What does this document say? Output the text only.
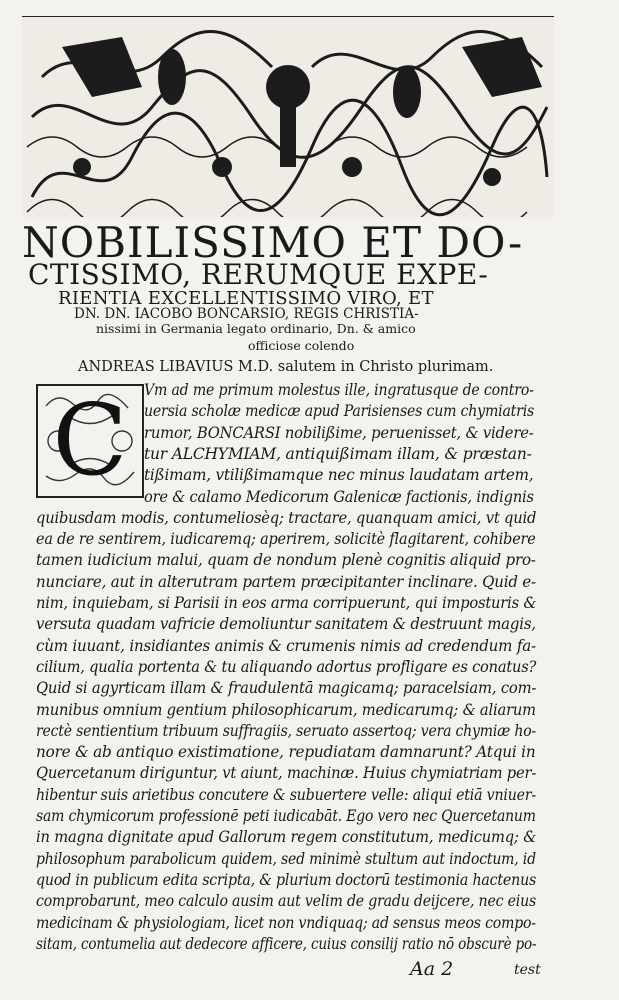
NOBILISSIMO ET DO-
CTISSIMO, RERUMQUE EXPE-
RIENTIA EXCELLENTISSIMO VIRO, ET
DN. DN. IACOBO BONCARSIO, REGIS CHRISTIA-
nissimi in Germania legato ordinario, Dn. & amico
officiose colendo
ANDREAS LIBAVIUS M.D. salutem in Christo plurimam.
C
Aa 2	test
Vm ad me primum molestus ille, ingratusque de contro-
uersia scholæ medicæ apud Parisienses cum chymiatris
rumor, BONCARSI nobilißime, peruenisset, & videre-
tur ALCHYMIAM, antiquißimam illam, & præstan-
tißimam, vtilißimamque nec minus laudatam artem,
ore & calamo Medicorum Galenicæ factionis, indignis
quibusdam modis, contumeliosèq; tractare, quanquam amici, vt quid
ea de re sentirem, iudicaremq; aperirem, solicitè flagitarent, cohibere
tamen iudicium malui, quam de nondum plenè cognitis aliquid pro-
nunciare, aut in alterutram partem præcipitanter inclinare. Quid e-
nim, inquiebam, si Parisii in eos arma corripuerunt, qui imposturis &
versuta quadam vafricie demoliuntur sanitatem & destruunt magis,
cùm iuuant, insidiantes animis & crumenis nimis ad credendum fa-
cilium, qualia portenta & tu aliquando adortus profligare es conatus?
Quid si agyrticam illam & fraudulentā magicamq; paracelsiam, com-
munibus omnium gentium philosophicarum, medicarumq; & aliarum
rectè sentientium tribuum suffragiis, seruato assertoq; vera chymiæ ho-
nore & ab antiquo existimatione, repudiatam damnarunt? Atqui in
Quercetanum diriguntur, vt aiunt, machinæ. Huius chymiatriam per-
hibentur suis arietibus concutere & subuertere velle: aliqui etiā vniuer-
sam chymicorum professionē peti iudicabāt. Ego vero nec Quercetanum
in magna dignitate apud Gallorum regem constitutum, medicumq; &
philosophum parabolicum quidem, sed minimè stultum aut indoctum, id
quod in publicum edita scripta, & plurium doctorū testimonia hactenus
comprobarunt, meo calculo ausim aut velim de gradu deijcere, nec eius
medicinam & physiologiam, licet non vndiquaq; ad sensus meos compo-
sitam, contumelia aut dedecore afficere, cuius consilij ratio nō obscurè po-
